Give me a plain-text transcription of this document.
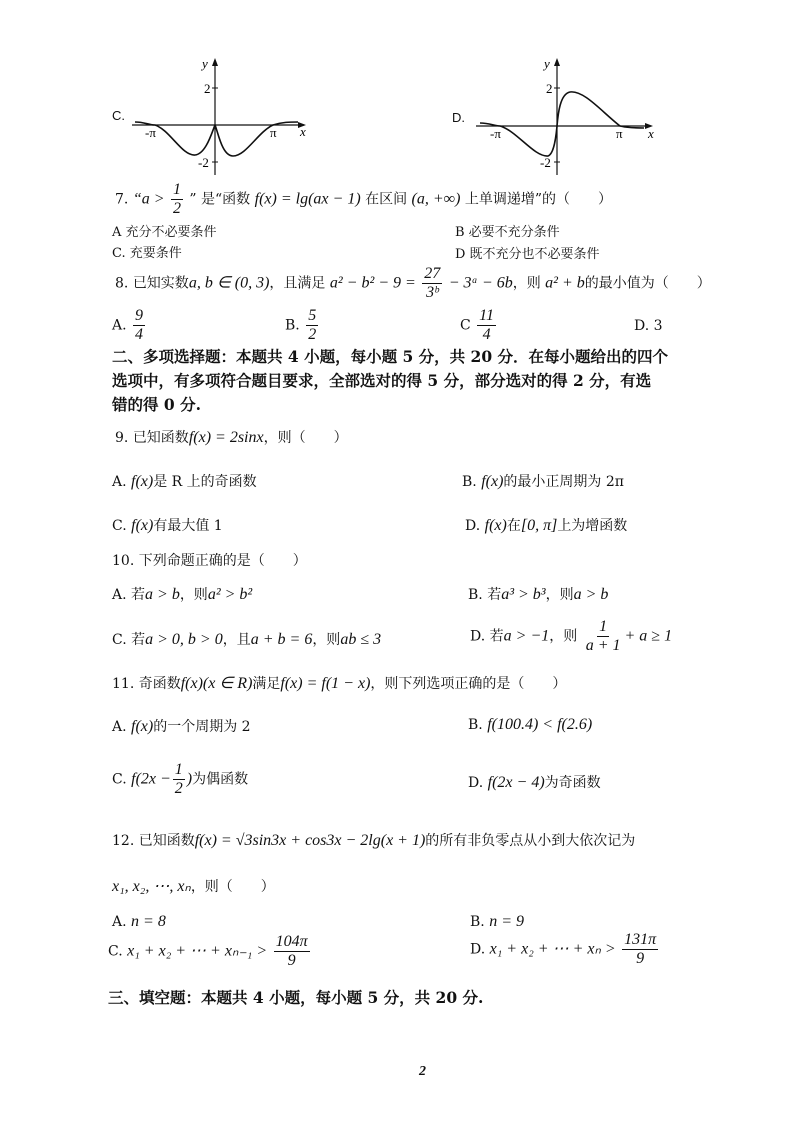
C.
y
x
2
-2
-π	π
D.
y
x
2
-2
-π	π
7. “$a > \frac{1}{2}$ ” 是“函数 f(x) = lg(ax − 1) 在区间 (a, +∞) 上单调递增”的（　　）
A 充分不必要条件	B 必要不充分条件
C. 充要条件	D 既不充分也不必要条件
8. 已知实数a, b ∈ (0, 3)，且满足 $a^2 - b^2 - 9 = \frac{27}{\text{3ᵇ}}$ − 3ᵃ − 6b，则 a² + b的最小值为（　　）
A. $\frac{9}{4}$	B. $\frac{5}{2}$	C $\frac{11}{4}$	D. 3
二、多项选择题：本题共 4 小题，每小题 5 分，共 20 分．在每小题给出的四个
选项中，有多项符合题目要求，全部选对的得 5 分，部分选对的得 2 分，有选
错的得 0 分.
9. 已知函数f(x) = 2sinx，则（　　）
A. f(x)是 R 上的奇函数	B. f(x)的最小正周期为 2π
C. f(x)有最大值 1	D. f(x)在[0, π]上为增函数
10. 下列命题正确的是（　　）
A. 若a > b，则a² > b²	B. 若a³ > b³，则a > b
C. 若a > 0, b > 0，且a + b = 6，则ab ≤ 3	D. 若a > −1，则 $\frac{1}{a + 1} + a \ge 1$
11. 奇函数f(x)(x ∈ R)满足f(x) = f(1 − x)，则下列选项正确的是（　　）
A. f(x)的一个周期为 2	B. f(100.4) < f(2.6)
C. $f(2x - \frac{1}{2}$ )为偶函数	D. f(2x − 4)为奇函数
12. 已知函数f(x) = √3sin3x + cos3x − 2lg(x + 1)的所有非负零点从小到大依次记为
x₁, x₂, ⋯, xₙ，则（　　）
A. n = 8	B. n = 9
C. x₁ + x₂ + ⋯ + $x_{n-1} > \frac{104\pi}{9}$	D. x₁ + x₂ + ⋯ + $x_n > \frac{131\pi}{9}$
三、填空题：本题共 4 小题，每小题 5 分，共 20 分.
2
